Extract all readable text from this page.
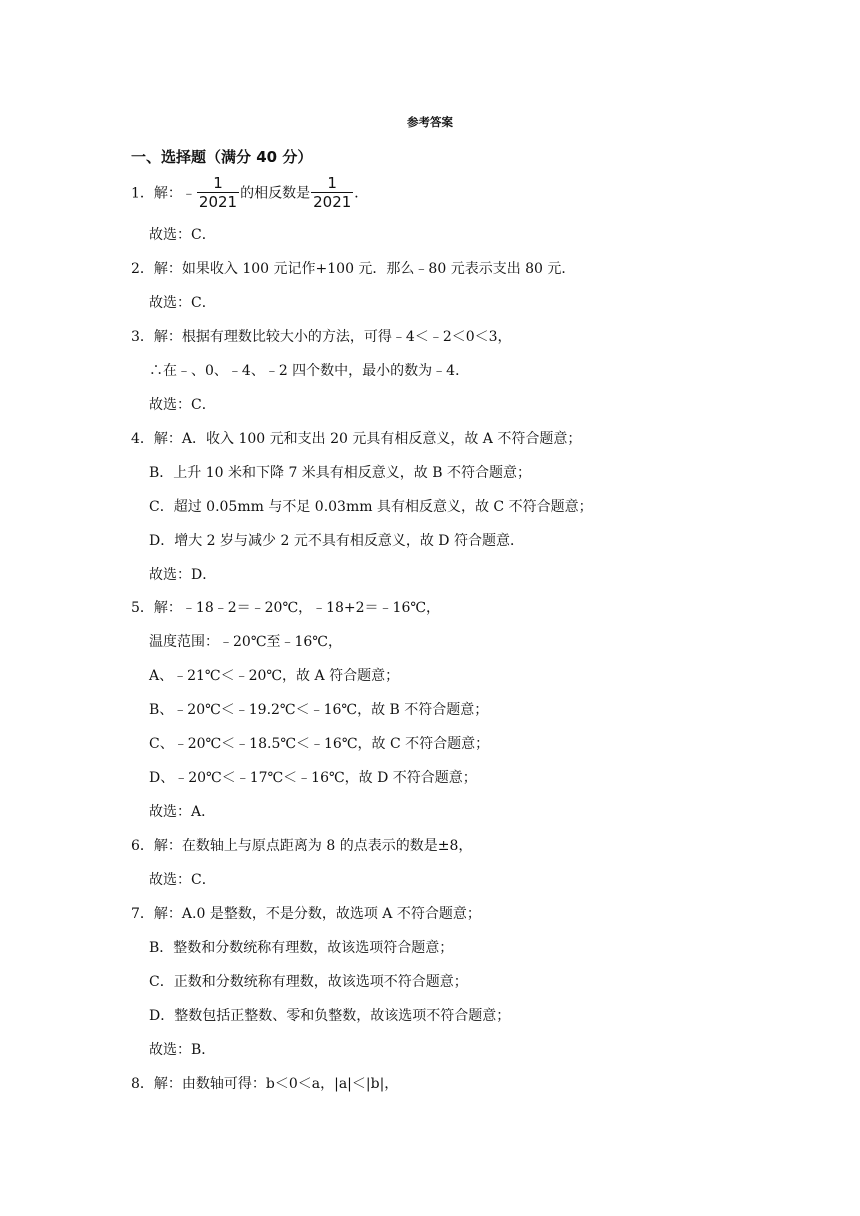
参考答案
一、选择题（满分 40 分）
1．解：﹣ $\frac{1}{2021}$ 的相反数是 $\frac{1}{2021}$ ．
故选：C．
2．解：如果收入 100 元记作+100 元．那么﹣80 元表示支出 80 元．
故选：C．
3．解：根据有理数比较大小的方法，可得﹣4＜﹣2＜0＜3，
∴在﹣、0、﹣4、﹣2 四个数中，最小的数为﹣4．
故选：C．
4．解：A．收入 100 元和支出 20 元具有相反意义，故 A 不符合题意；
B．上升 10 米和下降 7 米具有相反意义，故 B 不符合题意；
C．超过 0.05mm 与不足 0.03mm 具有相反意义，故 C 不符合题意；
D．增大 2 岁与减少 2 元不具有相反意义，故 D 符合题意．
故选：D．
5．解：﹣18﹣2＝﹣20℃，﹣18+2＝﹣16℃，
温度范围：﹣20℃至﹣16℃，
A、﹣21℃＜﹣20℃，故 A 符合题意；
B、﹣20℃＜﹣19.2℃＜﹣16℃，故 B 不符合题意；
C、﹣20℃＜﹣18.5℃＜﹣16℃，故 C 不符合题意；
D、﹣20℃＜﹣17℃＜﹣16℃，故 D 不符合题意；
故选：A．
6．解：在数轴上与原点距离为 8 的点表示的数是±8，
故选：C．
7．解：A.0 是整数，不是分数，故选项 A 不符合题意；
B．整数和分数统称有理数，故该选项符合题意；
C．正数和分数统称有理数，故该选项不符合题意；
D．整数包括正整数、零和负整数，故该选项不符合题意；
故选：B．
8．解：由数轴可得：b＜0＜a，|a|＜|b|，
